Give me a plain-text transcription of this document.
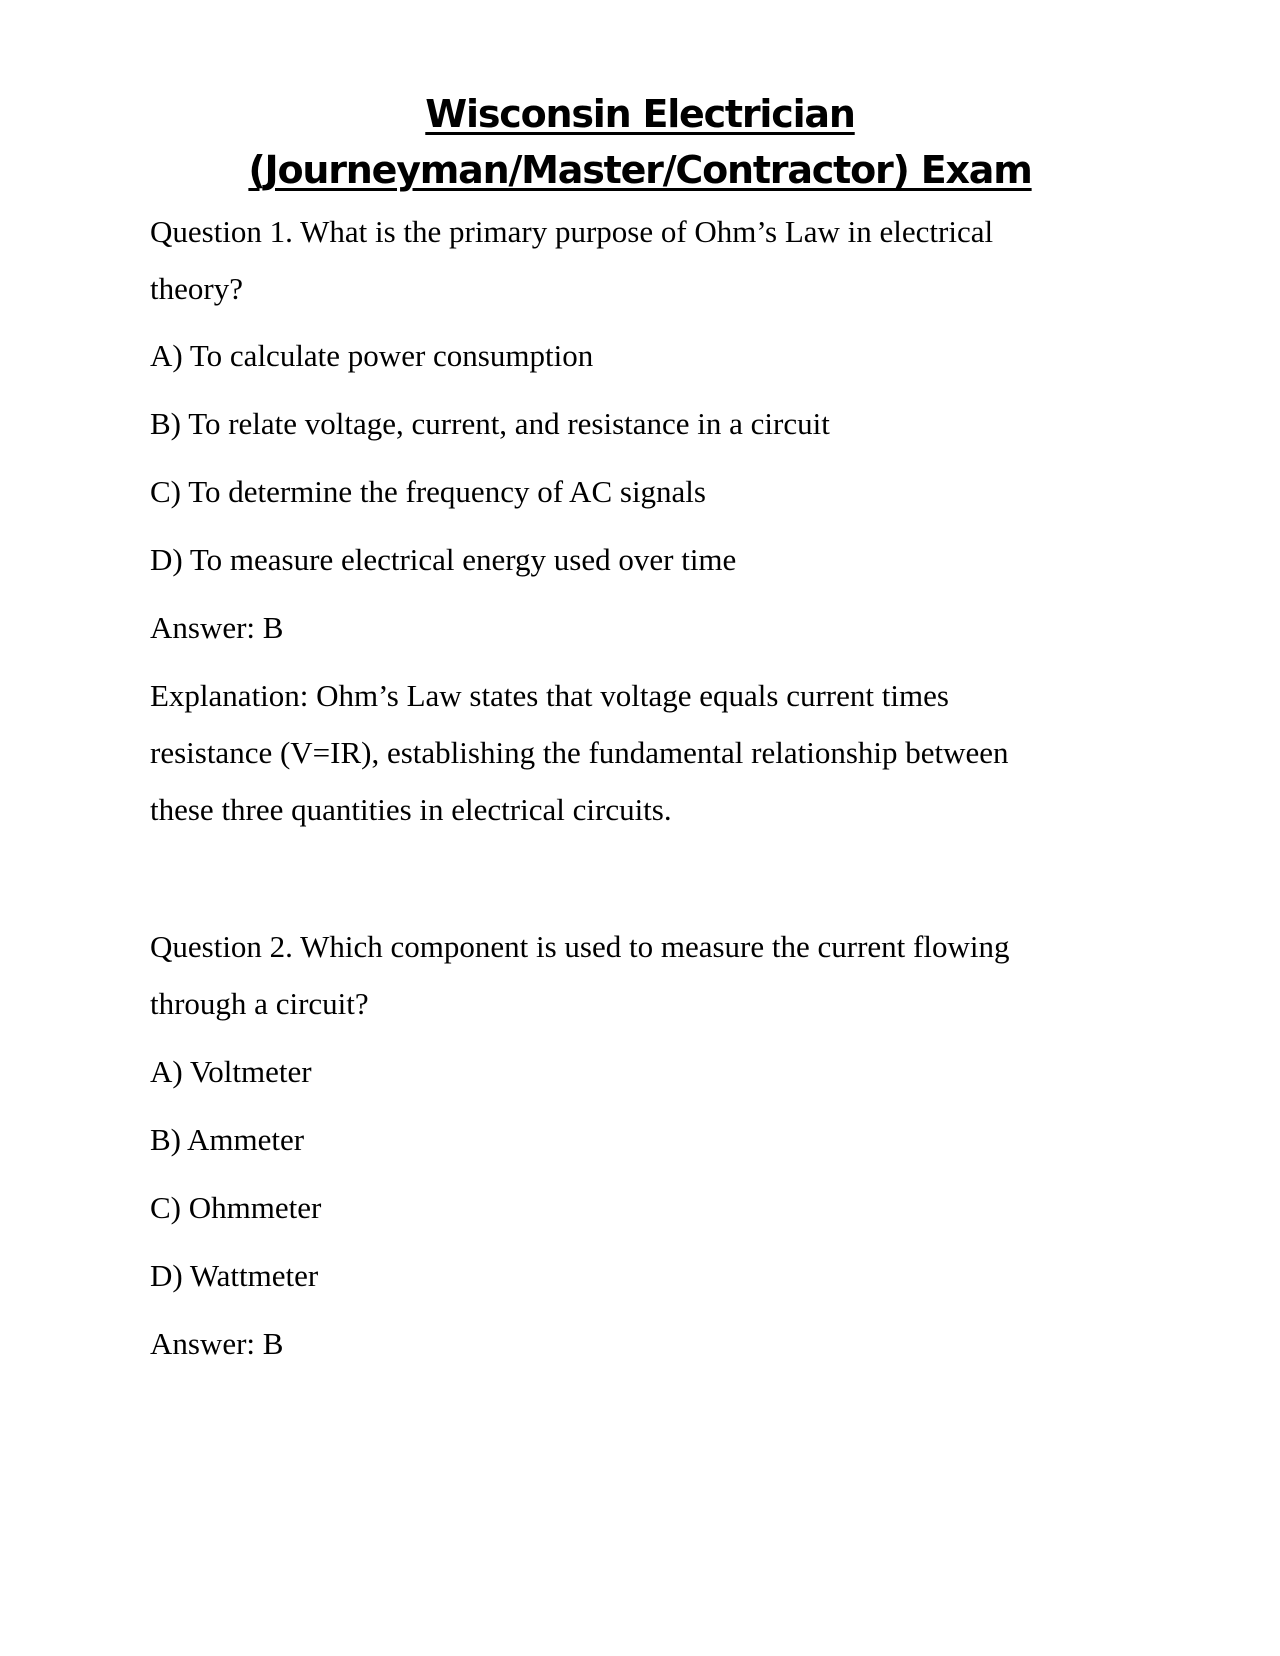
Wisconsin Electrician
(Journeyman/Master/Contractor) Exam

Question 1. What is the primary purpose of Ohm’s Law in electrical

theory?

A) To calculate power consumption

B) To relate voltage, current, and resistance in a circuit

C) To determine the frequency of AC signals

D) To measure electrical energy used over time

Answer: B

Explanation: Ohm’s Law states that voltage equals current times

resistance (V=IR), establishing the fundamental relationship between

these three quantities in electrical circuits.

Question 2. Which component is used to measure the current flowing

through a circuit?

A) Voltmeter

B) Ammeter

C) Ohmmeter

D) Wattmeter

Answer: B
